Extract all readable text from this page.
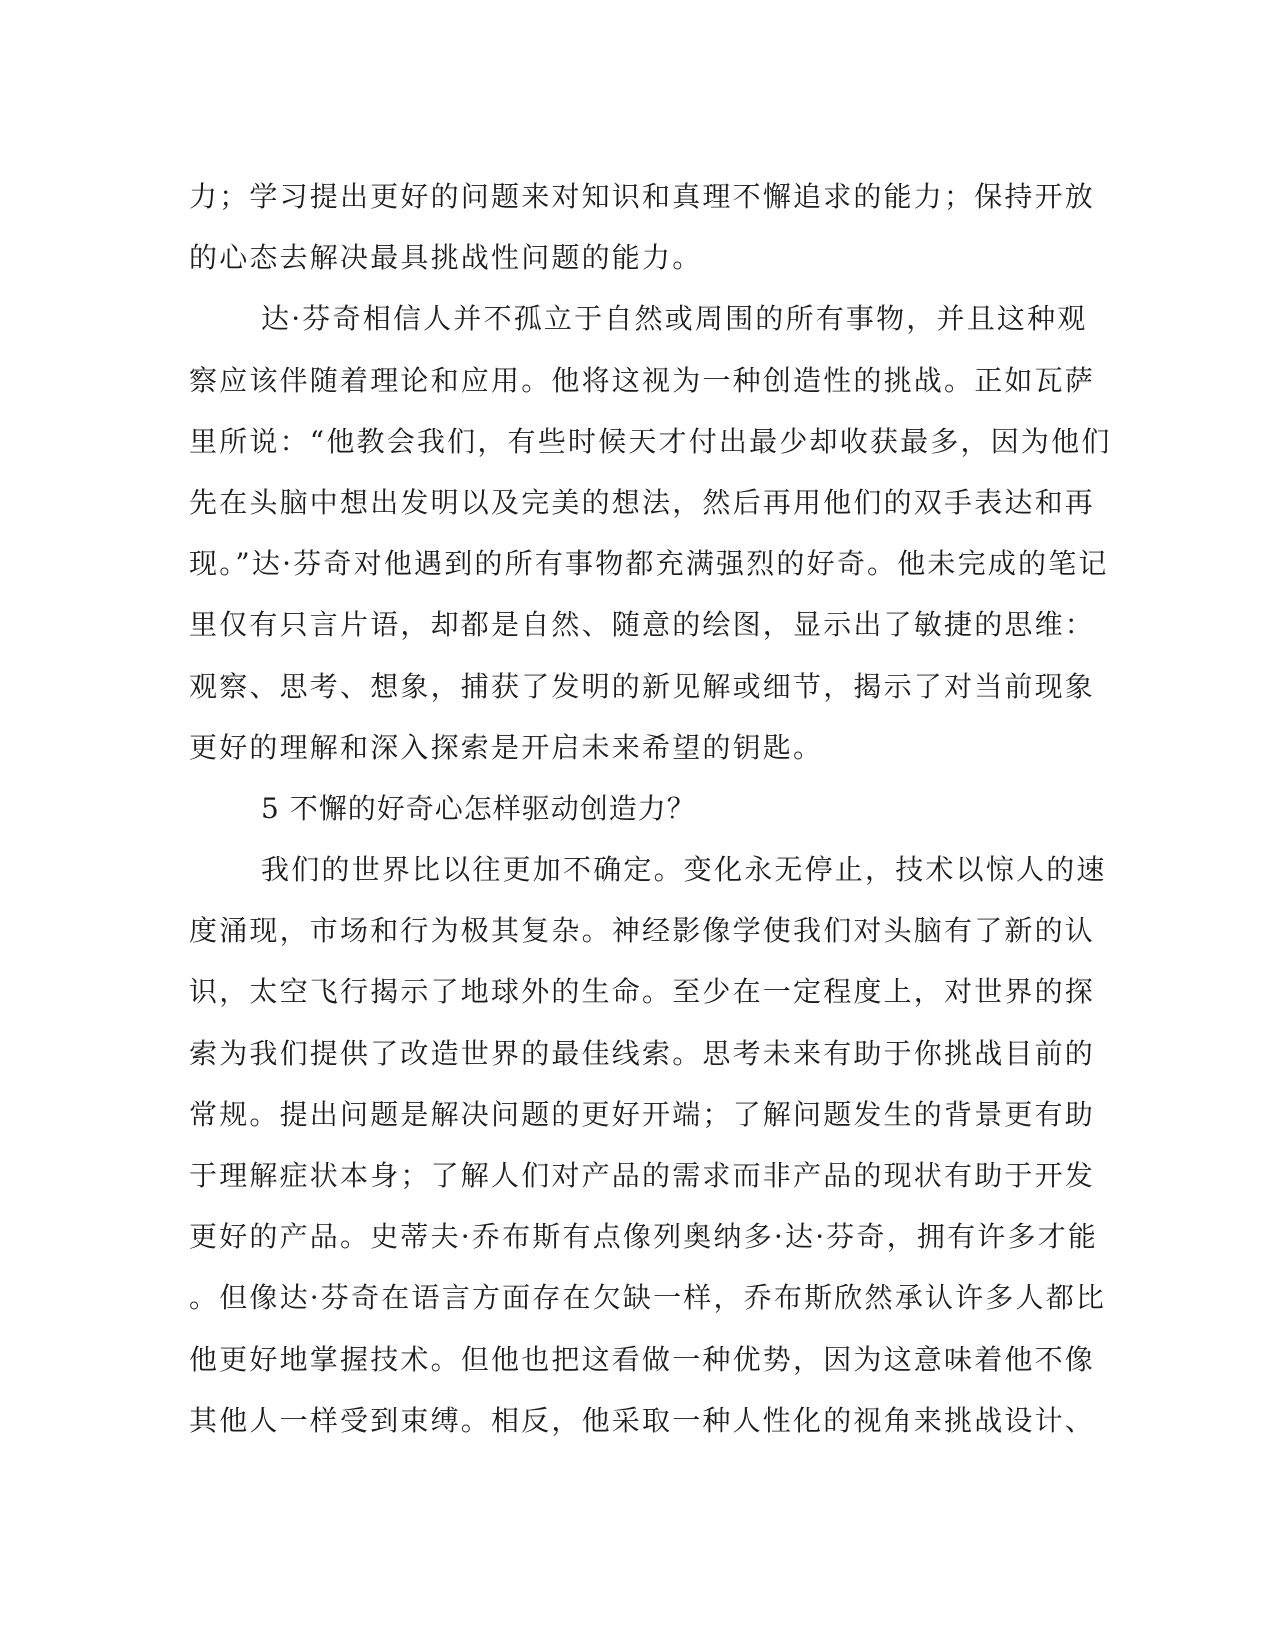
力；学习提出更好的问题来对知识和真理不懈追求的能力；保持开放
的心态去解决最具挑战性问题的能力。
达·芬奇相信人并不孤立于自然或周围的所有事物，并且这种观
察应该伴随着理论和应用。他将这视为一种创造性的挑战。正如瓦萨
里所说：“他教会我们，有些时候天才付出最少却收获最多，因为他们
先在头脑中想出发明以及完美的想法，然后再用他们的双手表达和再
现。”达·芬奇对他遇到的所有事物都充满强烈的好奇。他未完成的笔记
里仅有只言片语，却都是自然、随意的绘图，显示出了敏捷的思维：
观察、思考、想象，捕获了发明的新见解或细节，揭示了对当前现象
更好的理解和深入探索是开启未来希望的钥匙。
5 不懈的好奇心怎样驱动创造力？
我们的世界比以往更加不确定。变化永无停止，技术以惊人的速
度涌现，市场和行为极其复杂。神经影像学使我们对头脑有了新的认
识，太空飞行揭示了地球外的生命。至少在一定程度上，对世界的探
索为我们提供了改造世界的最佳线索。思考未来有助于你挑战目前的
常规。提出问题是解决问题的更好开端；了解问题发生的背景更有助
于理解症状本身；了解人们对产品的需求而非产品的现状有助于开发
更好的产品。史蒂夫·乔布斯有点像列奥纳多·达·芬奇，拥有许多才能
。但像达·芬奇在语言方面存在欠缺一样，乔布斯欣然承认许多人都比
他更好地掌握技术。但他也把这看做一种优势，因为这意味着他不像
其他人一样受到束缚。相反，他采取一种人性化的视角来挑战设计、
